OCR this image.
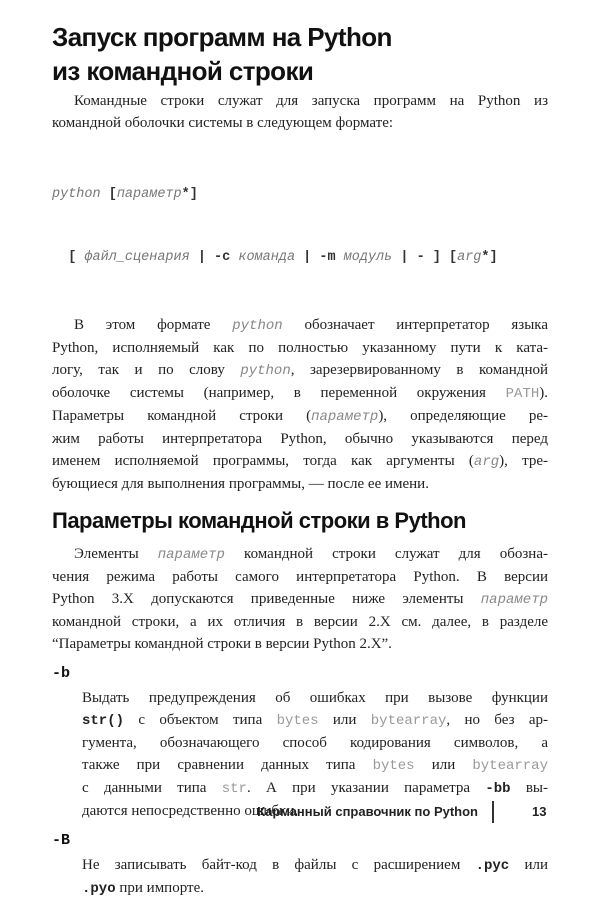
Запуск программ на Python
из командной строки
Командные строки служат для запуска программ на Python из
командной оболочки системы в следующем формате:

python [параметр*]

[ файл_сценария | -c команда | -m модуль | - ] [arg*]

В этом формате python обозначает интерпретатор языка
Python, исполняемый как по полностью указанному пути к ката-
логу, так и по слову python, зарезервированному в командной
оболочке системы (например, в переменной окружения PATH).
Параметры командной строки (параметр), определяющие ре-
жим работы интерпретатора Python, обычно указываются перед
именем исполняемой программы, тогда как аргументы (arg), тре-
бующиеся для выполнения программы, — после ее имени.
Параметры командной строки в Python
Элементы параметр командной строки служат для обозна-
чения режима работы самого интерпретатора Python. В версии
Python 3.X допускаются приведенные ниже элементы параметр
командной строки, а их отличия в версии 2.X см. далее, в разделе
“Параметры командной строки в версии Python 2.X”.
-b
Выдать предупреждения об ошибках при вызове функции
str() с объектом типа bytes или bytearray, но без ар-
гумента, обозначающего способ кодирования символов, а
также при сравнении данных типа bytes или bytearray
с данными типа str. А при указании параметра -bb вы-
даются непосредственно ошибки.
-B
Не записывать байт-код в файлы с расширением .pyc или
.pyo при импорте.
Карманный справочник по Python	13
